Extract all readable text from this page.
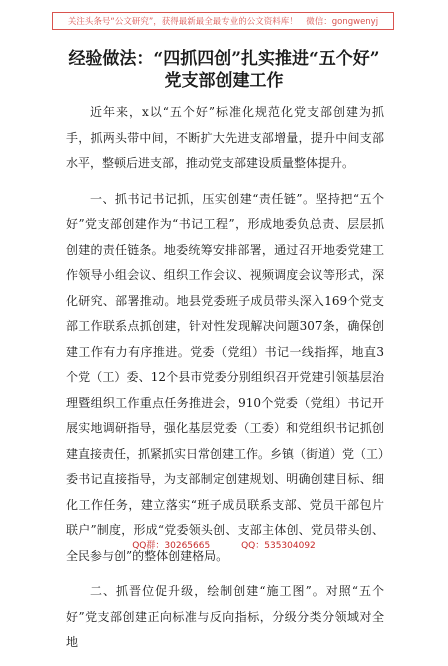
关注头条号“公文研究”，获得最新最全最专业的公文资料库！　微信：gongwenyj
经验做法：“四抓四创”扎实推进“五个好”
党支部创建工作

近年来，x以“五个好”标准化规范化党支部创建为抓手，抓两头带中间，不断扩大先进支部增量，提升中间支部水平，整顿后进支部，推动党支部建设质量整体提升。

一、抓书记书记抓，压实创建“责任链”。坚持把“五个好”党支部创建作为“书记工程”，形成地委负总责、层层抓创建的责任链条。地委统筹安排部署，通过召开地委党建工作领导小组会议、组织工作会议、视频调度会议等形式，深化研究、部署推动。地县党委班子成员带头深入169个党支部工作联系点抓创建，针对性发现解决问题307条，确保创建工作有力有序推进。党委（党组）书记一线指挥，地直3个党（工）委、12个县市党委分别组织召开党建引领基层治理暨组织工作重点任务推进会，910个党委（党组）书记开展实地调研指导，强化基层党委（工委）和党组织书记抓创建直接责任，抓紧抓实日常创建工作。乡镇（街道）党（工）委书记直接指导，为支部制定创建规划、明确创建目标、细化工作任务，建立落实“班子成员联系支部、党员干部包片联户”制度，形成“党委领头创、支部主体创、党员带头创、全民参与创”的整体创建格局。

二、抓晋位促升级，绘制创建“施工图”。对照“五个好”党支部创建正向标准与反向指标，分级分类分领域对全地

QQ群：30265665	QQ：535304092
